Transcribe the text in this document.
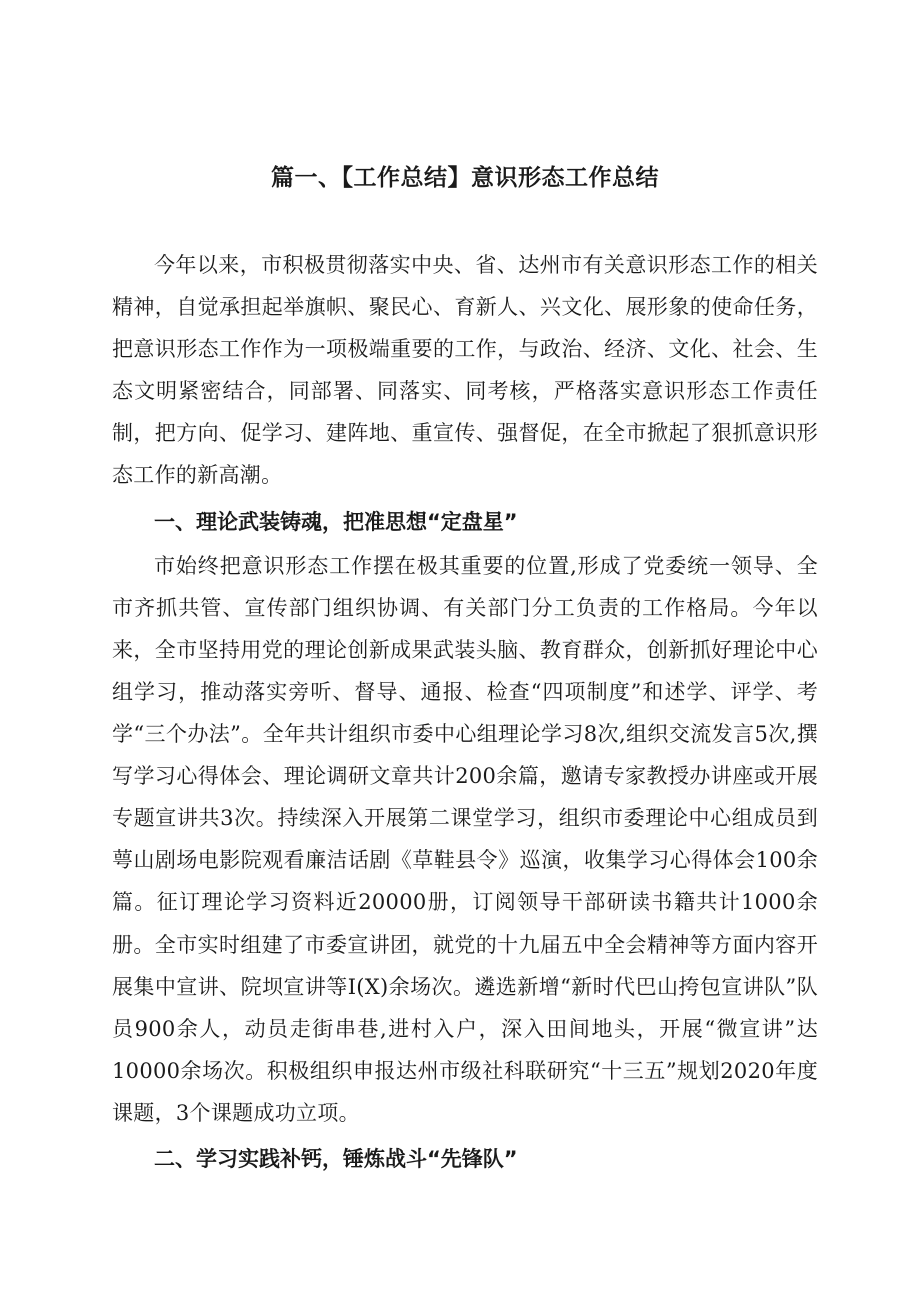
篇一、【工作总结】意识形态工作总结

今年以来，市积极贯彻落实中央、省、达州市有关意识形态工作的相关精神，自觉承担起举旗帜、聚民心、育新人、兴文化、展形象的使命任务，把意识形态工作作为一项极端重要的工作，与政治、经济、文化、社会、生态文明紧密结合，同部署、同落实、同考核，严格落实意识形态工作责任制，把方向、促学习、建阵地、重宣传、强督促，在全市掀起了狠抓意识形态工作的新高潮。

一、理论武装铸魂，把准思想“定盘星”

市始终把意识形态工作摆在极其重要的位置,形成了党委统一领导、全市齐抓共管、宣传部门组织协调、有关部门分工负责的工作格局。今年以来，全市坚持用党的理论创新成果武装头脑、教育群众，创新抓好理论中心组学习，推动落实旁听、督导、通报、检查“四项制度”和述学、评学、考学“三个办法”。全年共计组织市委中心组理论学习8次,组织交流发言5次,撰写学习心得体会、理论调研文章共计200余篇，邀请专家教授办讲座或开展专题宣讲共3次。持续深入开展第二课堂学习，组织市委理论中心组成员到萼山剧场电影院观看廉洁话剧《草鞋县令》巡演，收集学习心得体会100余篇。征订理论学习资料近20000册，订阅领导干部研读书籍共计1000余册。全市实时组建了市委宣讲团，就党的十九届五中全会精神等方面内容开展集中宣讲、院坝宣讲等I(X)余场次。遴选新增“新时代巴山挎包宣讲队”队员900余人，动员走街串巷,进村入户，深入田间地头，开展“微宣讲”达10000余场次。积极组织申报达州市级社科联研究“十三五”规划2020年度课题，3个课题成功立项。

二、学习实践补钙，锤炼战斗“先锋队”
